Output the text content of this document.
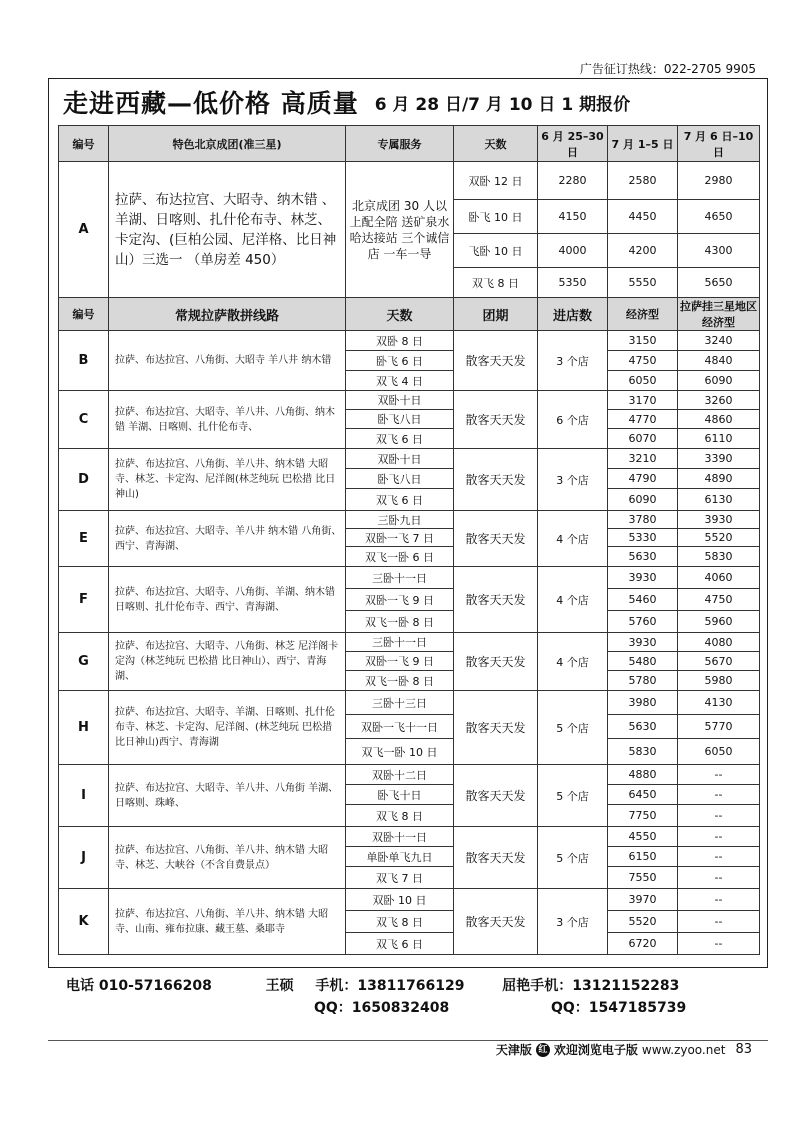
广告征订热线：022-2705 9905
走进西藏—低价格 高质量 6 月 28 日/7 月 10 日 1 期报价
编号	特色北京成团(准三星)	专属服务	天数	6 月 25–30 日	7 月 1–5 日	7 月 6 日–10 日
A	拉萨、布达拉宫、大昭寺、纳木错 、羊湖、日喀则、扎什伦布寺、林芝、卡定沟、(巨柏公园、尼洋格、比日神山）三选一 （单房差 450）	北京成团 30 人以上配全陪 送矿泉水 哈达接站 三个诚信店 一车一导	双卧 12 日	2280	2580	2980
			卧飞 10 日	4150	4450	4650
			飞卧 10 日	4000	4200	4300
			双飞 8 日	5350	5550	5650
编号	常规拉萨散拼线路	天数	团期	进店数	经济型	拉萨挂三星地区经济型
B	拉萨、布达拉宫、八角街、大昭寺 羊八井 纳木错	双卧 8 日	散客天天发	3 个店	3150	3240
		卧飞 6 日			4750	4840
		双飞 4 日			6050	6090
C	拉萨、布达拉宫、大昭寺、羊八井、八角街、纳木错 羊湖、日喀则、扎什伦布寺、	双卧十日	散客天天发	6 个店	3170	3260
		卧飞八日			4770	4860
		双飞 6 日			6070	6110
D	拉萨、布达拉宫、八角街、羊八井、纳木错 大昭寺、林芝、卡定沟、尼洋阁(林芝纯玩 巴松措 比日神山)	双卧十日	散客天天发	3 个店	3210	3390
		卧飞八日			4790	4890
		双飞 6 日			6090	6130
E	拉萨、布达拉宫、大昭寺、羊八井 纳木错 八角街、西宁、青海湖、	三卧九日	散客天天发	4 个店	3780	3930
		双卧一飞 7 日			5330	5520
		双飞一卧 6 日			5630	5830
F	拉萨、布达拉宫、大昭寺、八角街、羊湖、纳木错 日喀则、扎什伦布寺、西宁、青海湖、	三卧十一日	散客天天发	4 个店	3930	4060
		双卧一飞 9 日			5460	4750
		双飞一卧 8 日			5760	5960
G	拉萨、布达拉宫、大昭寺、八角街、林芝 尼洋阁卡定沟（林芝纯玩 巴松措 比日神山）、西宁、青海湖、	三卧十一日	散客天天发	4 个店	3930	4080
		双卧一飞 9 日			5480	5670
		双飞一卧 8 日			5780	5980
H	拉萨、布达拉宫、大昭寺、羊湖、日喀则、扎什伦布寺、林芝、卡定沟、尼洋阁、(林芝纯玩 巴松措 比日神山)西宁、青海湖	三卧十三日	散客天天发	5 个店	3980	4130
		双卧一飞十一日			5630	5770
		双飞一卧 10 日			5830	6050
I	拉萨、布达拉宫、大昭寺、羊八井、八角街 羊湖、日喀则、珠峰、	双卧十二日	散客天天发	5 个店	4880	--
		卧飞十日			6450	--
		双飞 8 日			7750	--
J	拉萨、布达拉宫、八角街、羊八井、纳木错 大昭寺、林芝、大峡谷（不含自费景点）	双卧十一日	散客天天发	5 个店	4550	--
		单卧单飞九日			6150	--
		双飞 7 日			7550	--
K	拉萨、布达拉宫、八角街、羊八井、纳木错 大昭寺、山南、雍布拉康、藏王墓、桑耶寺	双卧 10 日	散客天天发	3 个店	3970	--
		双飞 8 日			5520	--
		双飞 6 日			6720	--
电话 010-57166208	王硕 手机：13811766129	屈艳手机：13121152283
QQ：1650832408	QQ：1547185739
天津版 红 欢迎浏览电子版 www.zyoo.net 83
